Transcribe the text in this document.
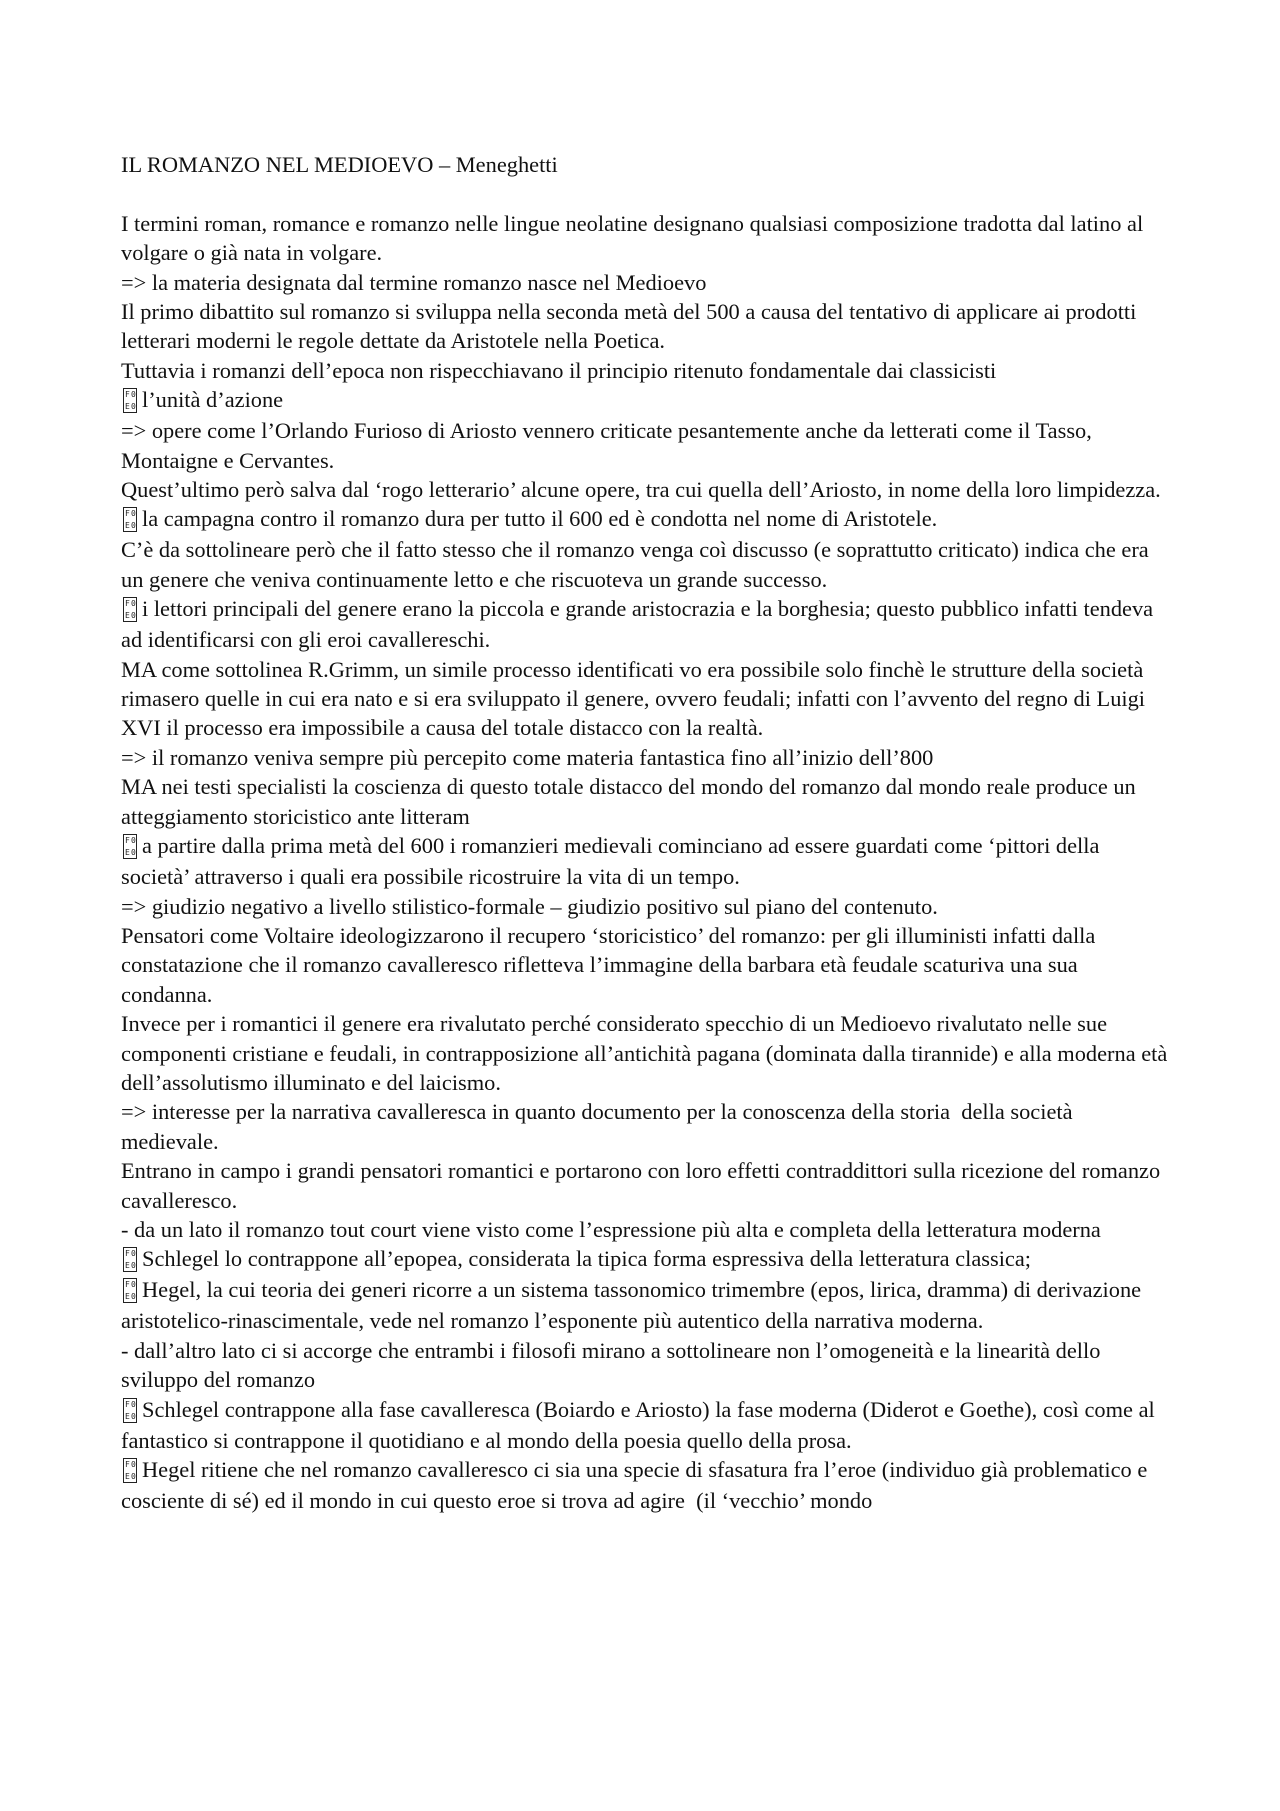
IL ROMANZO NEL MEDIOEVO – Meneghetti

I termini roman, romance e romanzo nelle lingue neolatine designano qualsiasi composizione tradotta dal latino al volgare o già nata in volgare.

=> la materia designata dal termine romanzo nasce nel Medioevo

Il primo dibattito sul romanzo si sviluppa nella seconda metà del 500 a causa del tentativo di applicare ai prodotti letterari moderni le regole dettate da Aristotele nella Poetica.

Tuttavia i romanzi dell’epoca non rispecchiavano il principio ritenuto fondamentale dai classicisti

F 0
E 0 l’unità d’azione

=> opere come l’Orlando Furioso di Ariosto vennero criticate pesantemente anche da letterati come il Tasso, Montaigne e Cervantes.

Quest’ultimo però salva dal ‘rogo letterario’ alcune opere, tra cui quella dell’Ariosto, in nome della loro limpidezza.

F 0
E 0 la campagna contro il romanzo dura per tutto il 600 ed è condotta nel nome di Aristotele.

C’è da sottolineare però che il fatto stesso che il romanzo venga coì discusso (e soprattutto criticato) indica che era un genere che veniva continuamente letto e che riscuoteva un grande successo.

F 0
E 0 i lettori principali del genere erano la piccola e grande aristocrazia e la borghesia; questo pubblico infatti tendeva ad identificarsi con gli eroi cavallereschi.

MA come sottolinea R.Grimm, un simile processo identificati vo era possibile solo finchè le strutture della società rimasero quelle in cui era nato e si era sviluppato il genere, ovvero feudali; infatti con l’avvento del regno di Luigi  XVI il processo era impossibile a causa del totale distacco con la realtà.

=> il romanzo veniva sempre più percepito come materia fantastica fino all’inizio dell’800

MA nei testi specialisti la coscienza di questo totale distacco del mondo del romanzo dal mondo reale produce un atteggiamento storicistico ante litteram

F 0
E 0 a partire dalla prima metà del 600 i romanzieri medievali cominciano ad essere guardati come ‘pittori della società’ attraverso i quali era possibile ricostruire la vita di un tempo.

=> giudizio negativo a livello stilistico-formale – giudizio positivo sul piano del contenuto.

Pensatori come Voltaire ideologizzarono il recupero ‘storicistico’ del romanzo: per gli illuministi infatti dalla constatazione che il romanzo cavalleresco rifletteva l’immagine della barbara età feudale scaturiva una sua condanna.

Invece per i romantici il genere era rivalutato perché considerato specchio di un Medioevo rivalutato nelle sue componenti cristiane e feudali, in contrapposizione all’antichità pagana (dominata dalla tirannide) e alla moderna età dell’assolutismo illuminato e del laicismo.

=> interesse per la narrativa cavalleresca in quanto documento per la conoscenza della storia  della società medievale.

Entrano in campo i grandi pensatori romantici e portarono con loro effetti contraddittori sulla ricezione del romanzo cavalleresco.

- da un lato il romanzo tout court viene visto come l’espressione più alta e completa della letteratura moderna

F 0
E 0 Schlegel lo contrappone all’epopea, considerata la tipica forma espressiva della letteratura classica;

F 0
E 0 Hegel, la cui teoria dei generi ricorre a un sistema tassonomico trimembre (epos, lirica, dramma) di derivazione aristotelico-rinascimentale, vede nel romanzo l’esponente più autentico della narrativa moderna.

- dall’altro lato ci si accorge che entrambi i filosofi mirano a sottolineare non l’omogeneità e la linearità dello sviluppo del romanzo

F 0
E 0 Schlegel contrappone alla fase cavalleresca (Boiardo e Ariosto) la fase moderna (Diderot e Goethe), così come al fantastico si contrappone il quotidiano e al mondo della poesia quello della prosa.

F 0
E 0 Hegel ritiene che nel romanzo cavalleresco ci sia una specie di sfasatura fra l’eroe (individuo già problematico e cosciente di sé) ed il mondo in cui questo eroe si trova ad agire  (il ‘vecchio’ mondo
